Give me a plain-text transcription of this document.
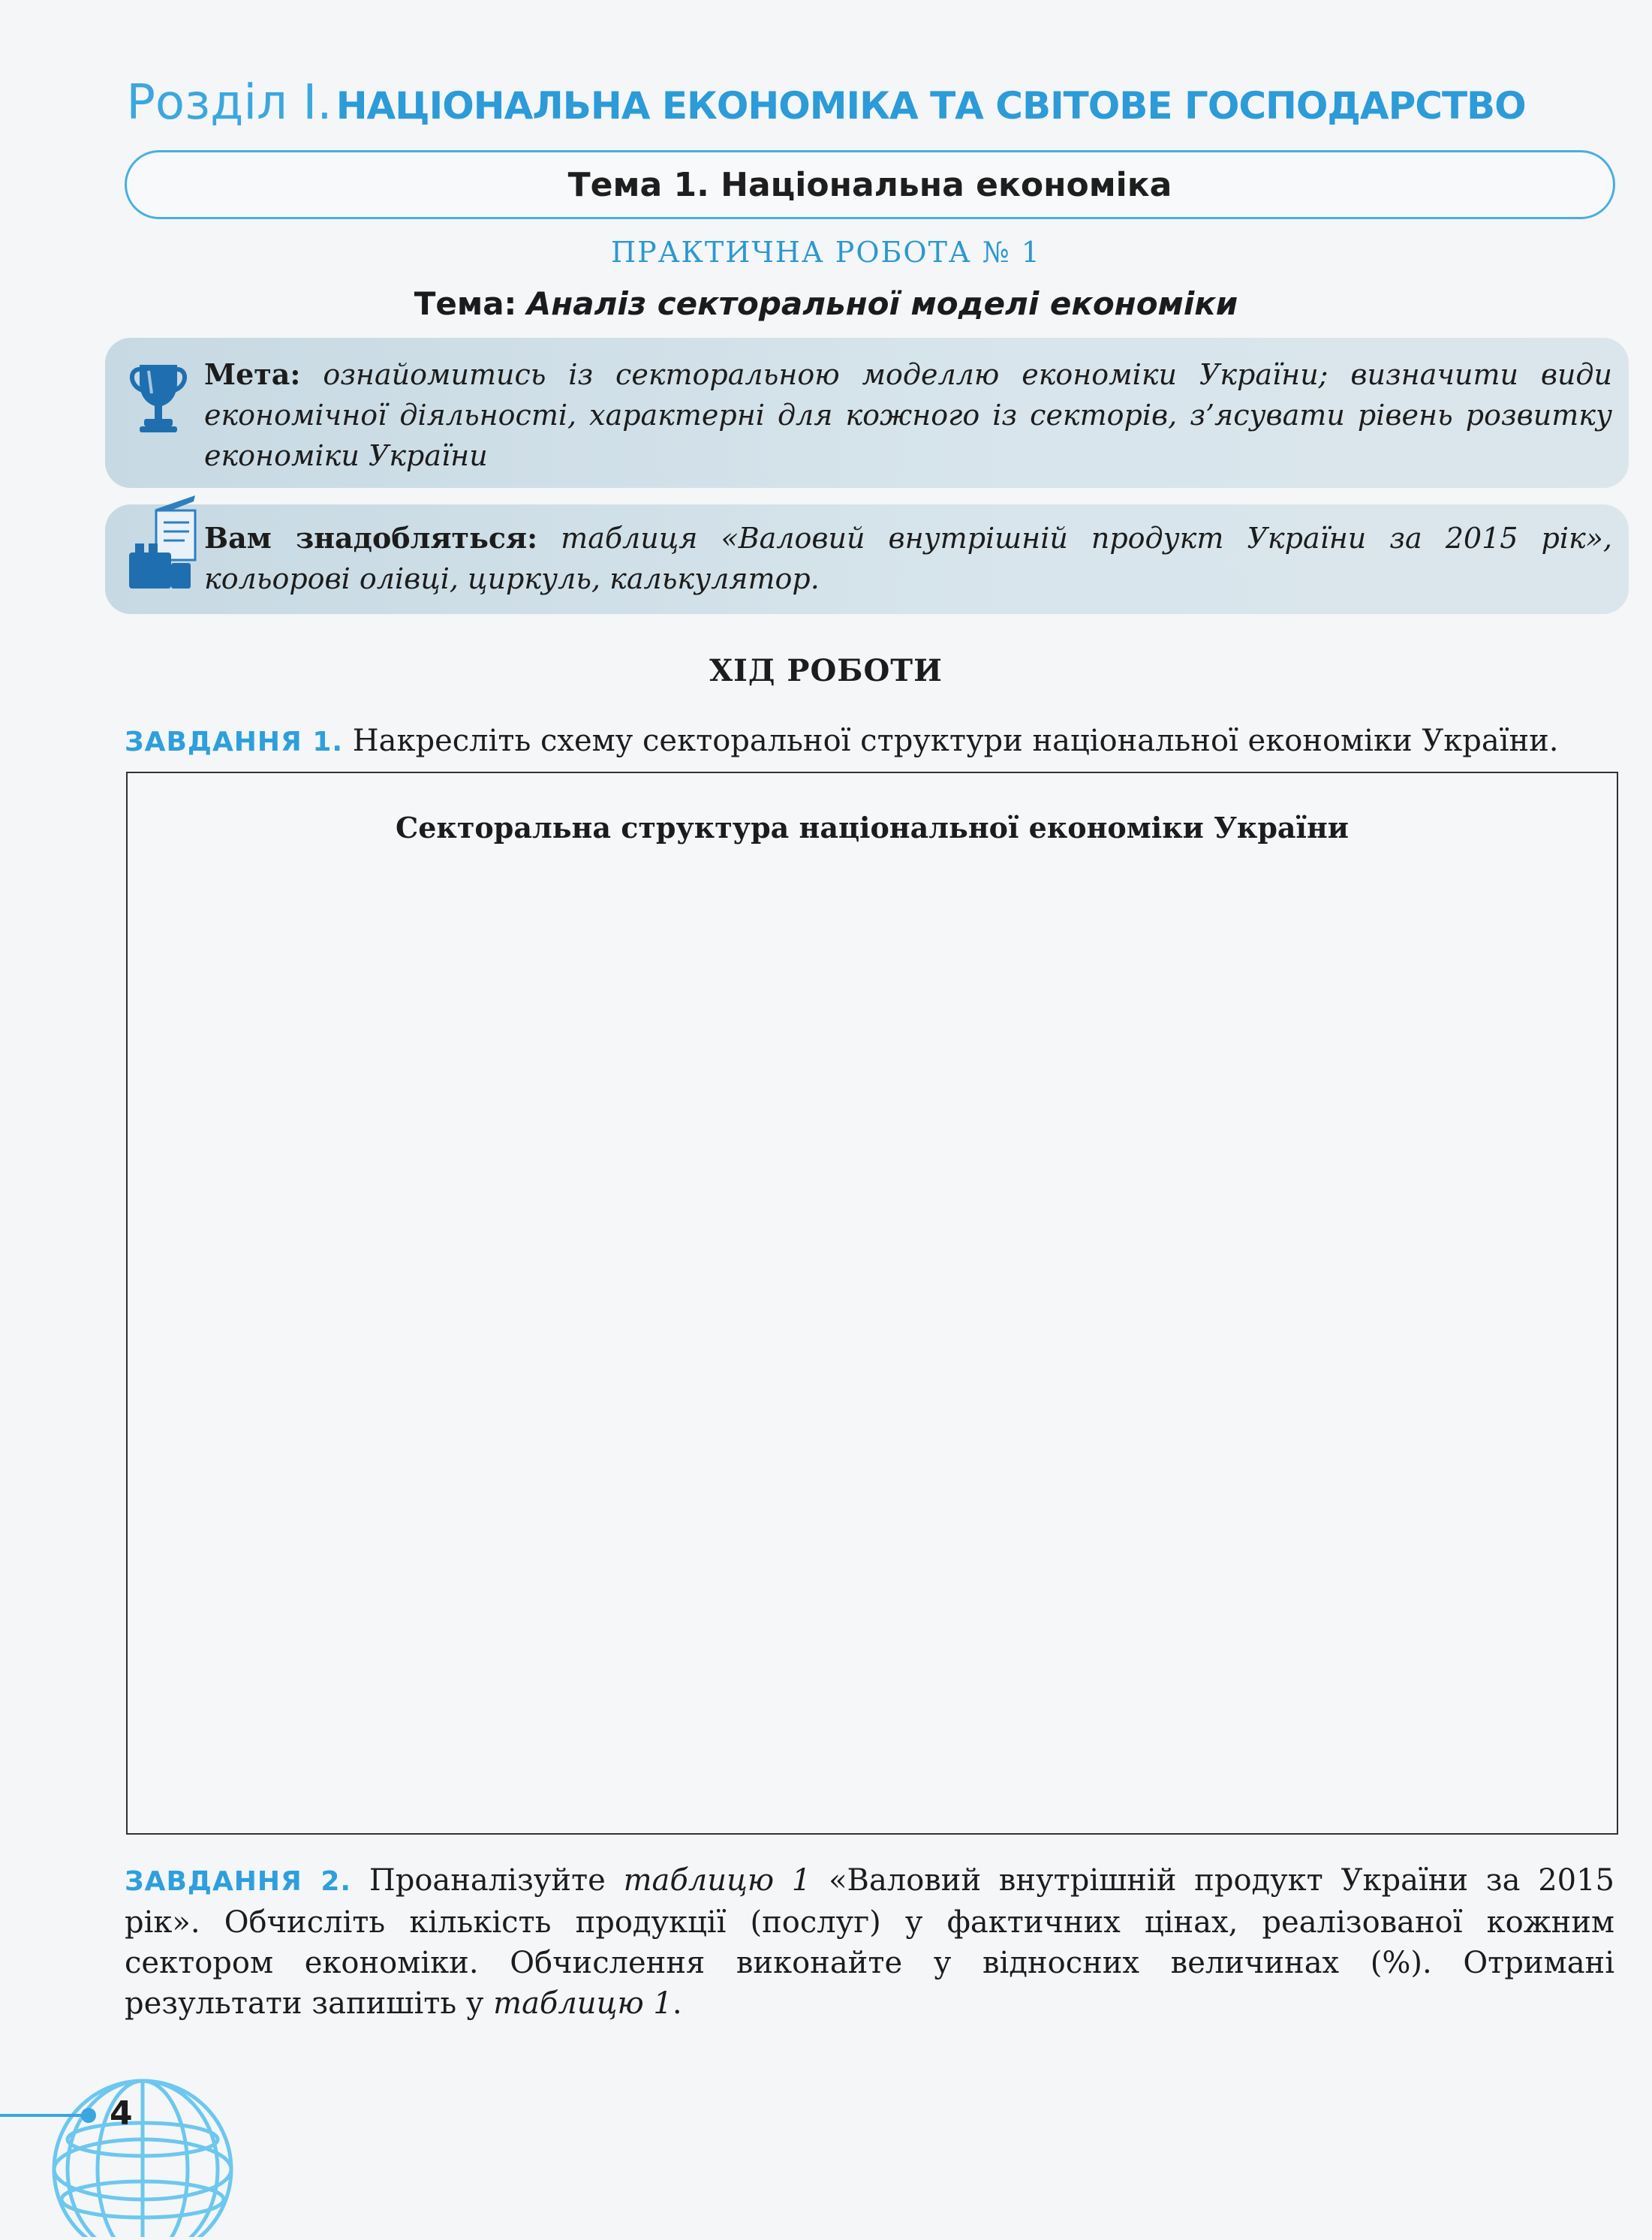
Розділ I. НАЦІОНАЛЬНА ЕКОНОМІКА ТА СВІТОВЕ ГОСПОДАРСТВО
Тема 1. Національна економіка
ПРАКТИЧНА РОБОТА № 1
Тема: Аналіз секторальної моделі економіки
Мета: ознайомитись із секторальною моделлю економіки України; визначити види економічної діяльності, характерні для кожного із секторів, з’ясувати рівень розвитку економіки України
Вам знадобляться: таблиця «Валовий внутрішній продукт України за 2015 рік», кольорові олівці, циркуль, калькулятор.
ХІД РОБОТИ
ЗАВДАННЯ 1. Накресліть схему секторальної структури національної економіки України.
Секторальна структура національної економіки України
ЗАВДАННЯ 2. Проаналізуйте таблицю 1 «Валовий внутрішній продукт України за 2015 рік». Обчисліть кількість продукції (послуг) у фактичних цінах, реалізованої кожним сектором економіки. Обчислення виконайте у відносних величинах (%). Отримані результати запишіть у таблицю 1.
4
